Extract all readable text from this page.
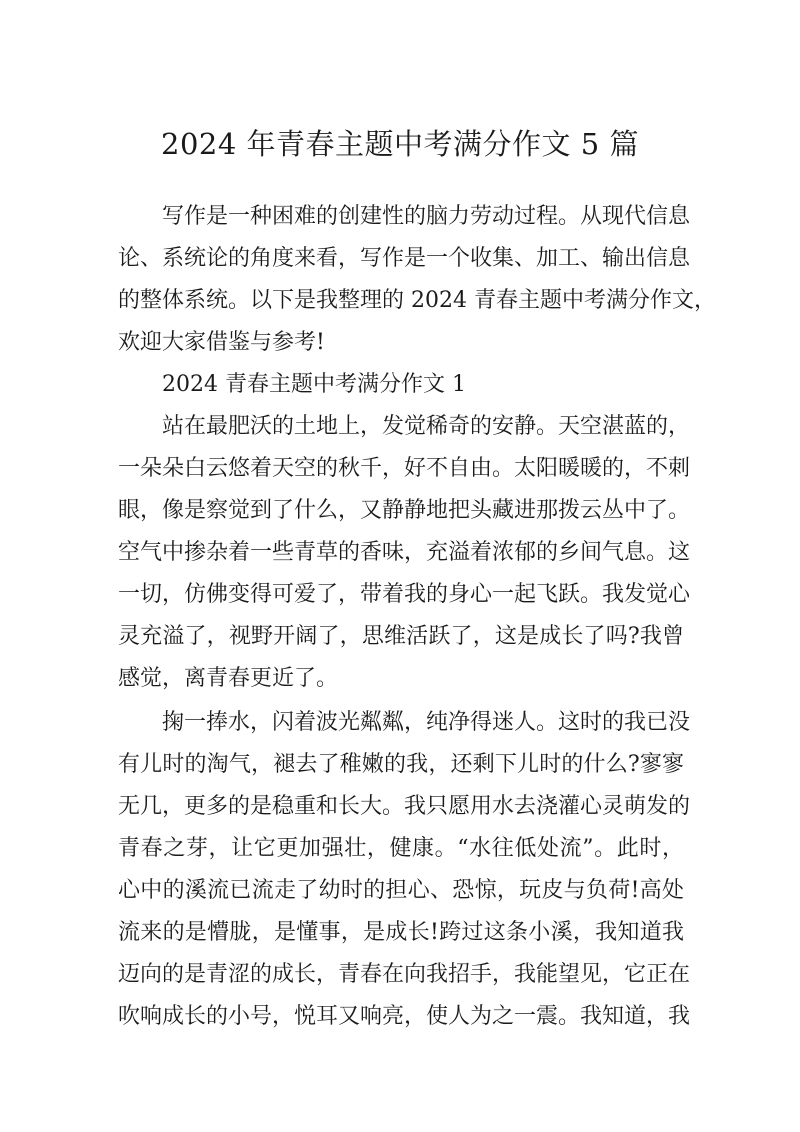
2024 年青春主题中考满分作文 5 篇
写作是一种困难的创建性的脑力劳动过程。从现代信息
论、系统论的角度来看，写作是一个收集、加工、输出信息
的整体系统。以下是我整理的 2024 青春主题中考满分作文，
欢迎大家借鉴与参考!
2024 青春主题中考满分作文 1
站在最肥沃的土地上，发觉稀奇的安静。天空湛蓝的，
一朵朵白云悠着天空的秋千，好不自由。太阳暖暖的，不刺
眼，像是察觉到了什么，又静静地把头藏进那拨云丛中了。
空气中掺杂着一些青草的香味，充溢着浓郁的乡间气息。这
一切，仿佛变得可爱了，带着我的身心一起飞跃。我发觉心
灵充溢了，视野开阔了，思维活跃了，这是成长了吗?我曾
感觉，离青春更近了。
掬一捧水，闪着波光粼粼，纯净得迷人。这时的我已没
有儿时的淘气，褪去了稚嫩的我，还剩下儿时的什么?寥寥
无几，更多的是稳重和长大。我只愿用水去浇灌心灵萌发的
青春之芽，让它更加强壮，健康。“水往低处流”。此时，
心中的溪流已流走了幼时的担心、恐惊，玩皮与负荷!高处
流来的是懵胧，是懂事，是成长!跨过这条小溪，我知道我
迈向的是青涩的成长，青春在向我招手，我能望见，它正在
吹响成长的小号，悦耳又响亮，使人为之一震。我知道，我
